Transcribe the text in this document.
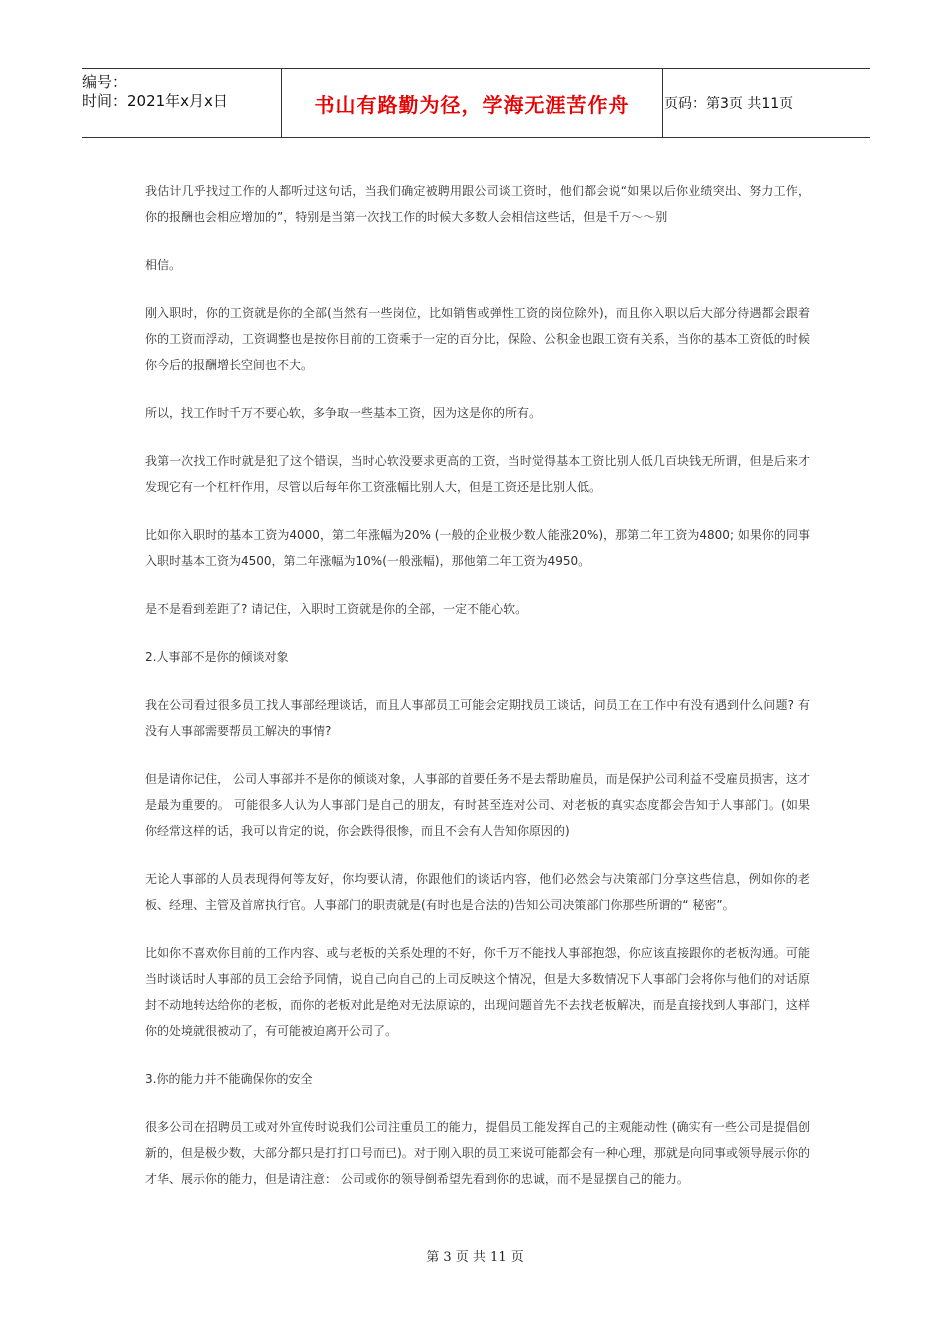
编号：
时间：2021年x月x日	书山有路勤为径，学海无涯苦作舟 页码：第3页 共11页

我估计几乎找过工作的人都听过这句话，当我们确定被聘用跟公司谈工资时，他们都会说“如果以后你业绩突出、努力工作，你的报酬也会相应增加的”，特别是当第一次找工作的时候大多数人会相信这些话，但是千万～～别

相信。

刚入职时，你的工资就是你的全部(当然有一些岗位，比如销售或弹性工资的岗位除外)，而且你入职以后大部分待遇都会跟着你的工资而浮动，工资调整也是按你目前的工资乘于一定的百分比，保险、公积金也跟工资有关系，当你的基本工资低的时候你今后的报酬增长空间也不大。

所以，找工作时千万不要心软，多争取一些基本工资，因为这是你的所有。

我第一次找工作时就是犯了这个错误，当时心软没要求更高的工资，当时觉得基本工资比别人低几百块钱无所谓，但是后来才发现它有一个杠杆作用，尽管以后每年你工资涨幅比别人大，但是工资还是比别人低。

比如你入职时的基本工资为4000，第二年涨幅为20% (一般的企业极少数人能涨20%)，那第二年工资为4800; 如果你的同事入职时基本工资为4500，第二年涨幅为10%(一般涨幅)，那他第二年工资为4950。

是不是看到差距了? 请记住，入职时工资就是你的全部，一定不能心软。

2.人事部不是你的倾谈对象

我在公司看过很多员工找人事部经理谈话，而且人事部员工可能会定期找员工谈话，问员工在工作中有没有遇到什么问题? 有没有人事部需要帮员工解决的事情?

但是请你记住， 公司人事部并不是你的倾谈对象，人事部的首要任务不是去帮助雇员，而是保护公司利益不受雇员损害，这才是最为重要的。 可能很多人认为人事部门是自己的朋友，有时甚至连对公司、对老板的真实态度都会告知于人事部门。(如果你经常这样的话，我可以肯定的说，你会跌得很惨，而且不会有人告知你原因的)

无论人事部的人员表现得何等友好，你均要认清，你跟他们的谈话内容，他们必然会与决策部门分享这些信息，例如你的老板、经理、主管及首席执行官。人事部门的职责就是(有时也是合法的)告知公司决策部门你那些所谓的“ 秘密”。

比如你不喜欢你目前的工作内容、或与老板的关系处理的不好，你千万不能找人事部抱怨，你应该直接跟你的老板沟通。可能当时谈话时人事部的员工会给予同情，说自己向自己的上司反映这个情况，但是大多数情况下人事部门会将你与他们的对话原封不动地转达给你的老板，而你的老板对此是绝对无法原谅的，出现问题首先不去找老板解决，而是直接找到人事部门，这样你的处境就很被动了，有可能被迫离开公司了。

3.你的能力并不能确保你的安全

很多公司在招聘员工或对外宣传时说我们公司注重员工的能力，提倡员工能发挥自己的主观能动性 (确实有一些公司是提倡创新的，但是极少数，大部分都只是打打口号而已)。对于刚入职的员工来说可能都会有一种心理，那就是向同事或领导展示你的才华、展示你的能力，但是请注意： 公司或你的领导倒希望先看到你的忠诚，而不是显摆自己的能力。

第 3 页 共 11 页
